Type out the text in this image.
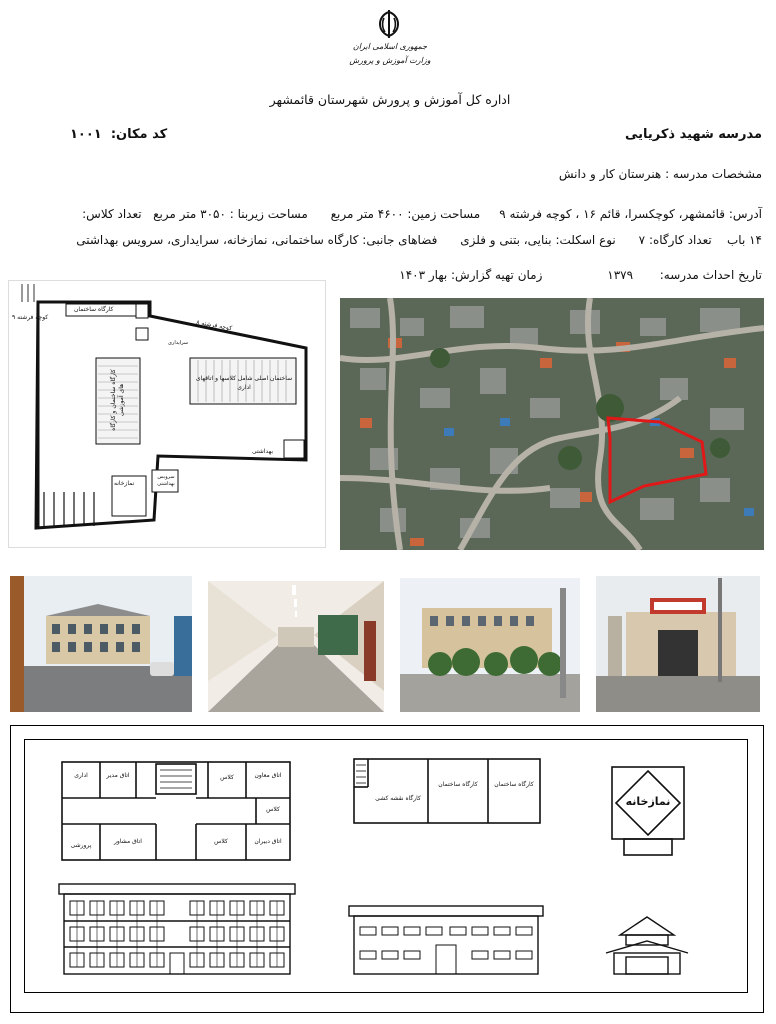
جمهوری اسلامی ایران
وزارت آموزش و پرورش
اداره کل آموزش و پرورش شهرستان قائمشهر
مدرسه شهید ذکریایی
کد مکان:  ۱۰۰۱
مشخصات مدرسه : هنرستان کار و دانش
آدرس: قائمشهر، کوچکسرا، قائم ۱۶ ، کوچه فرشته ۹     مساحت زمین: ۴۶۰۰ متر مربع      مساحت زیربنا : ۳۰۵۰ متر مربع   تعداد کلاس:
۱۴ باب    تعداد کارگاه: ۷      نوع اسکلت: بنایی، بتنی و فلزی      فضاهای جانبی: کارگاه ساختمانی، نمازخانه، سرایداری، سرویس بهداشتی
تاریخ احداث مدرسه:       ۱۳۷۹                 زمان تهیه گزارش: بهار ۱۴۰۳
کوچه فرشته ۹
کوچه فرشته ۸
کارگاه ساختمان
سرایداری
ساختمان اصلی شامل کلاسها و اتاقهای اداری
کارگاه ساختمان و کارگاه های آموزشی
نمازخانه
سرویس بهداشتی
بهداشتی
اداری	اتاق مدیر	اتاق معاون
کلاس
کلاس
کلاس
اتاق مشاور
پرورشی
اتاق دبیران
کارگاه ساختمان
کارگاه ساختمان
کارگاه نقشه کشی	نمازخانه
